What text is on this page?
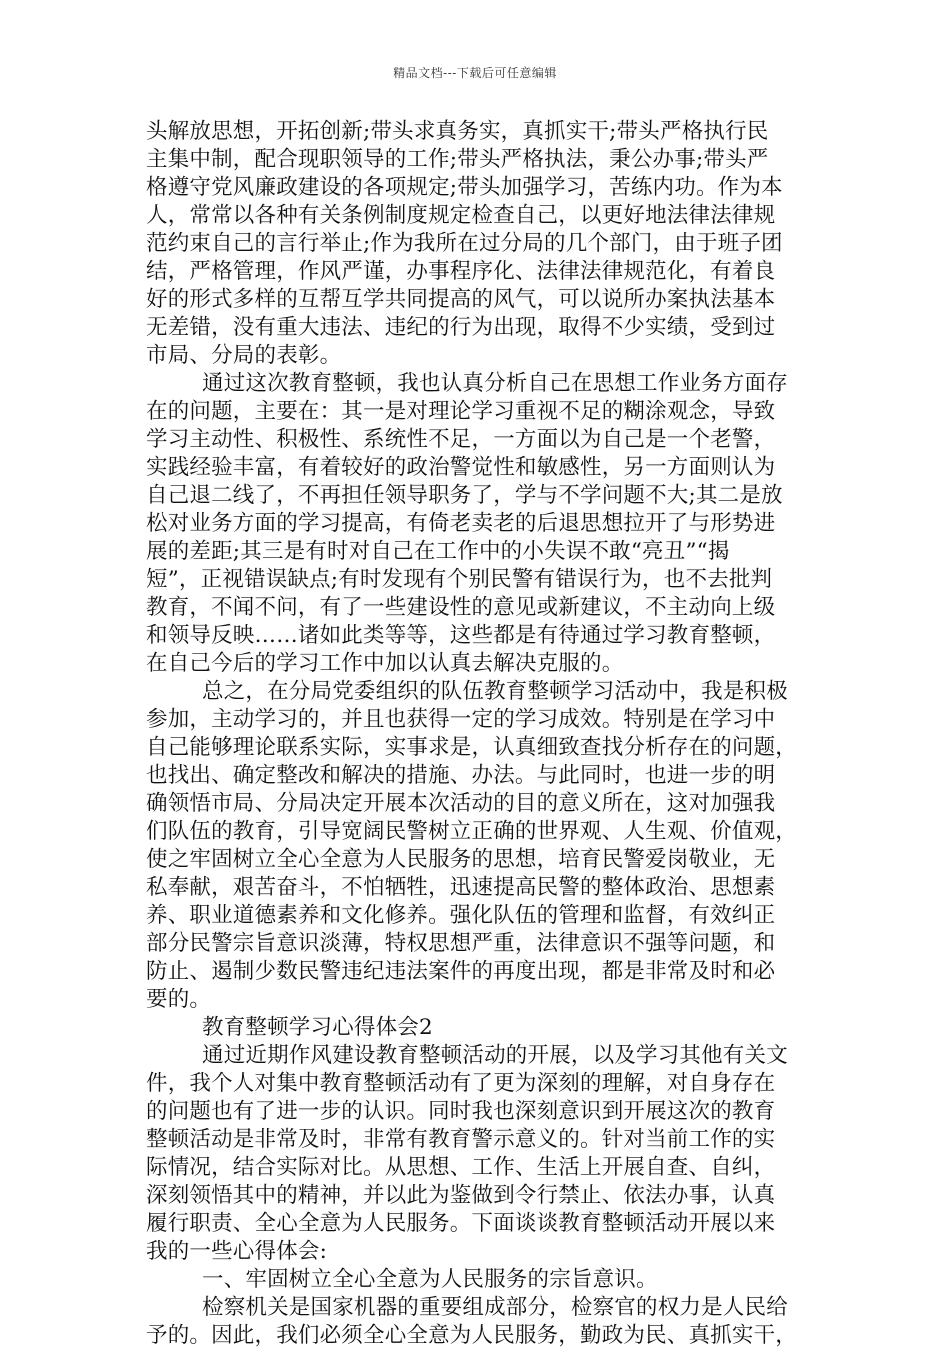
精品文档---下载后可任意编辑
头解放思想，开拓创新;带头求真务实，真抓实干;带头严格执行民
主集中制，配合现职领导的工作;带头严格执法，秉公办事;带头严
格遵守党风廉政建设的各项规定;带头加强学习，苦练内功。作为本
人，常常以各种有关条例制度规定检查自己，以更好地法律法律规
范约束自己的言行举止;作为我所在过分局的几个部门，由于班子团
结，严格管理，作风严谨，办事程序化、法律法律规范化，有着良
好的形式多样的互帮互学共同提高的风气，可以说所办案执法基本
无差错，没有重大违法、违纪的行为出现，取得不少实绩，受到过
市局、分局的表彰。
通过这次教育整顿，我也认真分析自己在思想工作业务方面存
在的问题，主要在：其一是对理论学习重视不足的糊涂观念，导致
学习主动性、积极性、系统性不足，一方面以为自己是一个老警，
实践经验丰富，有着较好的政治警觉性和敏感性，另一方面则认为
自己退二线了，不再担任领导职务了，学与不学问题不大;其二是放
松对业务方面的学习提高，有倚老卖老的后退思想拉开了与形势进
展的差距;其三是有时对自己在工作中的小失误不敢“亮丑”“揭
短”，正视错误缺点;有时发现有个别民警有错误行为，也不去批判
教育，不闻不问，有了一些建设性的意见或新建议，不主动向上级
和领导反映……诸如此类等等，这些都是有待通过学习教育整顿，
在自己今后的学习工作中加以认真去解决克服的。
总之，在分局党委组织的队伍教育整顿学习活动中，我是积极
参加，主动学习的，并且也获得一定的学习成效。特别是在学习中
自己能够理论联系实际，实事求是，认真细致查找分析存在的问题，
也找出、确定整改和解决的措施、办法。与此同时，也进一步的明
确领悟市局、分局决定开展本次活动的目的意义所在，这对加强我
们队伍的教育，引导宽阔民警树立正确的世界观、人生观、价值观，
使之牢固树立全心全意为人民服务的思想，培育民警爱岗敬业，无
私奉献，艰苦奋斗，不怕牺牲，迅速提高民警的整体政治、思想素
养、职业道德素养和文化修养。强化队伍的管理和监督，有效纠正
部分民警宗旨意识淡薄，特权思想严重，法律意识不强等问题，和
防止、遏制少数民警违纪违法案件的再度出现，都是非常及时和必
要的。
教育整顿学习心得体会2
通过近期作风建设教育整顿活动的开展，以及学习其他有关文
件，我个人对集中教育整顿活动有了更为深刻的理解，对自身存在
的问题也有了进一步的认识。同时我也深刻意识到开展这次的教育
整顿活动是非常及时，非常有教育警示意义的。针对当前工作的实
际情况，结合实际对比。从思想、工作、生活上开展自查、自纠，
深刻领悟其中的精神，并以此为鉴做到令行禁止、依法办事，认真
履行职责、全心全意为人民服务。下面谈谈教育整顿活动开展以来
我的一些心得体会:
一、牢固树立全心全意为人民服务的宗旨意识。
检察机关是国家机器的重要组成部分，检察官的权力是人民给
予的。因此，我们必须全心全意为人民服务，勤政为民、真抓实干，
